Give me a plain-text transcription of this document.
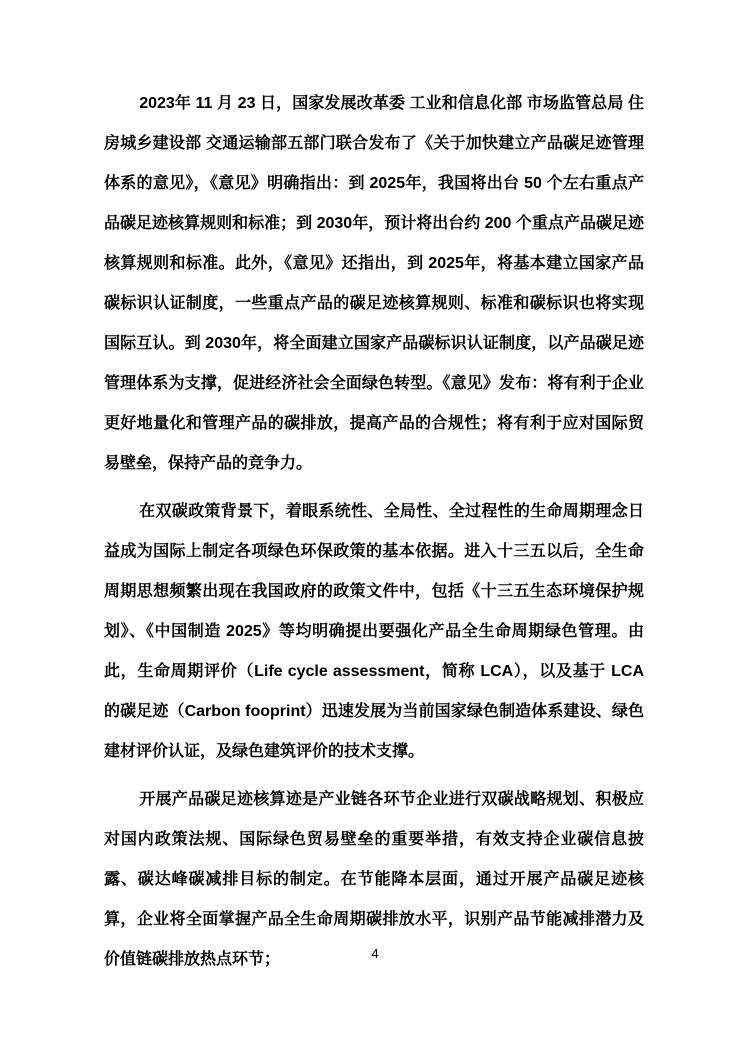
2023年 11 月 23 日，国家发展改革委 工业和信息化部 市场监管总局 住房城乡建设部 交通运输部五部门联合发布了《关于加快建立产品碳足迹管理体系的意见》，《意见》明确指出：到 2025年，我国将出台 50 个左右重点产品碳足迹核算规则和标准；到 2030年，预计将出台约 200 个重点产品碳足迹核算规则和标准。此外，《意见》还指出，到 2025年，将基本建立国家产品碳标识认证制度，一些重点产品的碳足迹核算规则、标准和碳标识也将实现国际互认。到 2030年，将全面建立国家产品碳标识认证制度，以产品碳足迹管理体系为支撑，促进经济社会全面绿色转型。《意见》发布：将有利于企业更好地量化和管理产品的碳排放，提高产品的合规性；将有利于应对国际贸易壁垒，保持产品的竞争力。

在双碳政策背景下，着眼系统性、全局性、全过程性的生命周期理念日益成为国际上制定各项绿色环保政策的基本依据。进入十三五以后，全生命周期思想频繁出现在我国政府的政策文件中，包括《十三五生态环境保护规划》、《中国制造 2025》等均明确提出要强化产品全生命周期绿色管理。由此，生命周期评价（Life cycle assessment，简称 LCA），以及基于 LCA 的碳足迹（Carbon fooprint）迅速发展为当前国家绿色制造体系建设、绿色建材评价认证，及绿色建筑评价的技术支撑。

开展产品碳足迹核算迹是产业链各环节企业进行双碳战略规划、积极应对国内政策法规、国际绿色贸易壁垒的重要举措，有效支持企业碳信息披露、碳达峰碳减排目标的制定。在节能降本层面，通过开展产品碳足迹核算，企业将全面掌握产品全生命周期碳排放水平，识别产品节能减排潜力及价值链碳排放热点环节；	4
